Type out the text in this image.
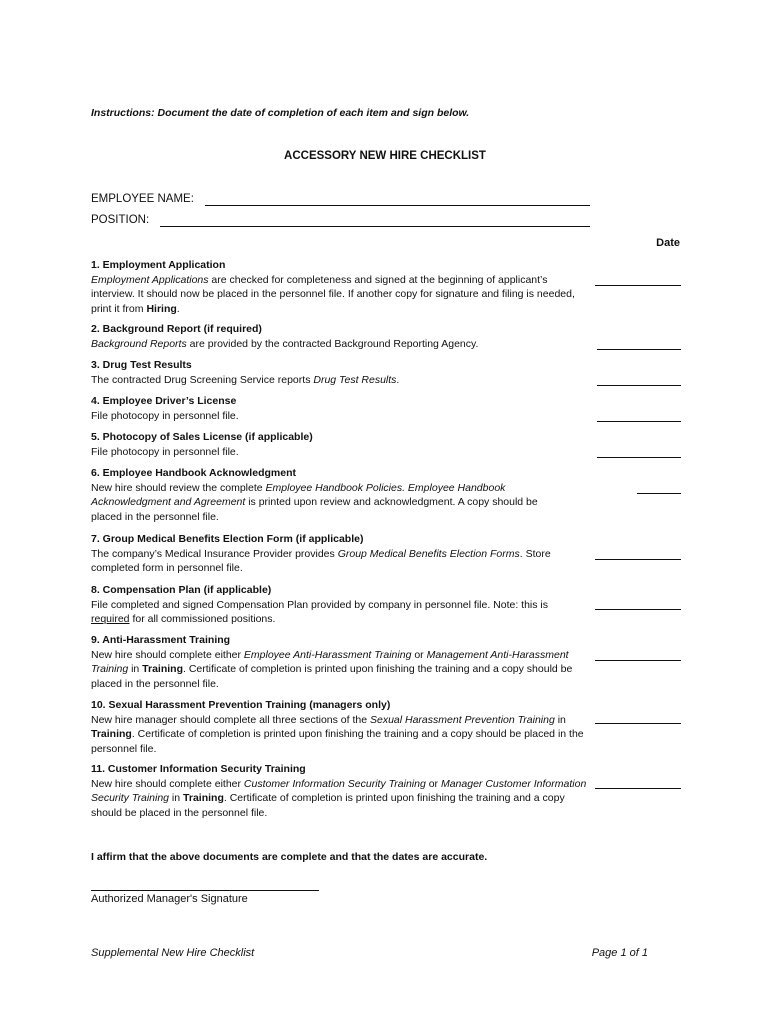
Instructions: Document the date of completion of each item and sign below.
ACCESSORY NEW HIRE CHECKLIST
EMPLOYEE NAME:
POSITION:
Date
1. Employment Application
Employment Applications are checked for completeness and signed at the beginning of applicant’s interview. It should now be placed in the personnel file. If another copy for signature and filing is needed, print it from Hiring.
2. Background Report (if required)
Background Reports are provided by the contracted Background Reporting Agency.
3. Drug Test Results
The contracted Drug Screening Service reports Drug Test Results.
4. Employee Driver’s License
File photocopy in personnel file.
5. Photocopy of Sales License (if applicable)
File photocopy in personnel file.
6. Employee Handbook Acknowledgment
New hire should review the complete Employee Handbook Policies. Employee Handbook Acknowledgment and Agreement is printed upon review and acknowledgment. A copy should be placed in the personnel file.
7. Group Medical Benefits Election Form (if applicable)
The company’s Medical Insurance Provider provides Group Medical Benefits Election Forms. Store completed form in personnel file.
8. Compensation Plan (if applicable)
File completed and signed Compensation Plan provided by company in personnel file. Note: this is required for all commissioned positions.
9. Anti-Harassment Training
New hire should complete either Employee Anti-Harassment Training or Management Anti-Harassment Training in Training. Certificate of completion is printed upon finishing the training and a copy should be placed in the personnel file.
10. Sexual Harassment Prevention Training (managers only)
New hire manager should complete all three sections of the Sexual Harassment Prevention Training in Training. Certificate of completion is printed upon finishing the training and a copy should be placed in the personnel file.
11. Customer Information Security Training
New hire should complete either Customer Information Security Training or Manager Customer Information Security Training in Training. Certificate of completion is printed upon finishing the training and a copy should be placed in the personnel file.
I affirm that the above documents are complete and that the dates are accurate.
Authorized Manager's Signature
Supplemental New Hire Checklist	Page 1 of 1
